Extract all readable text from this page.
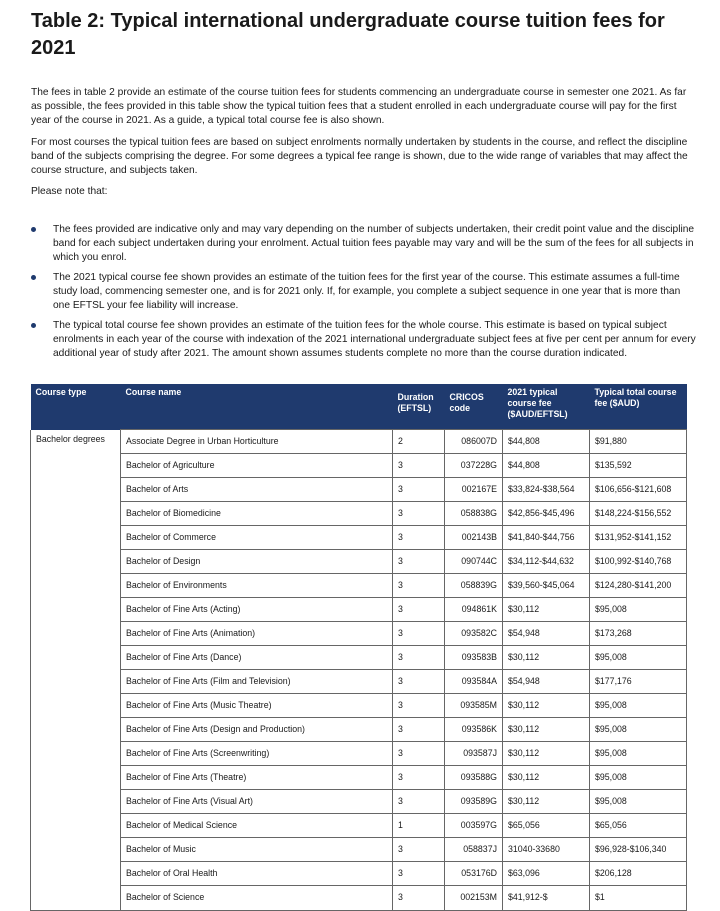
Table 2: Typical international undergraduate course tuition fees for 2021

The fees in table 2 provide an estimate of the course tuition fees for students commencing an undergraduate course in semester one 2021. As far as possible, the fees provided in this table show the typical tuition fees that a student enrolled in each undergraduate course will pay for the first year of the course in 2021. As a guide, a typical total course fee is also shown.

For most courses the typical tuition fees are based on subject enrolments normally undertaken by students in the course, and reflect the discipline band of the subjects comprising the degree. For some degrees a typical fee range is shown, due to the wide range of variables that may affect the course structure, and subjects taken.

Please note that:

The fees provided are indicative only and may vary depending on the number of subjects undertaken, their credit point value and the discipline band for each subject undertaken during your enrolment. Actual tuition fees payable may vary and will be the sum of the fees for all subjects in which you enrol.
The 2021 typical course fee shown provides an estimate of the tuition fees for the first year of the course. This estimate assumes a full-time study load, commencing semester one, and is for 2021 only. If, for example, you complete a subject sequence in one year that is more than one EFTSL your fee liability will increase.
The typical total course fee shown provides an estimate of the tuition fees for the whole course. This estimate is based on typical subject enrolments in each year of the course with indexation of the 2021 international undergraduate subject fees at five per cent per annum for every additional year of study after 2021. The amount shown assumes students complete no more than the course duration indicated.
Course type	Course name	Duration (EFTSL)	CRICOS code	2021 typical course fee ($AUD/EFTSL)	Typical total course fee ($AUD)
Bachelor degrees	Associate Degree in Urban Horticulture	2	086007D	$44,808	$91,880
	Bachelor of Agriculture	3	037228G	$44,808	$135,592
	Bachelor of Arts	3	002167E	$33,824-$38,564	$106,656-$121,608
	Bachelor of Biomedicine	3	058838G	$42,856-$45,496	$148,224-$156,552
	Bachelor of Commerce	3	002143B	$41,840-$44,756	$131,952-$141,152
	Bachelor of Design	3	090744C	$34,112-$44,632	$100,992-$140,768
	Bachelor of Environments	3	058839G	$39,560-$45,064	$124,280-$141,200
	Bachelor of Fine Arts (Acting)	3	094861K	$30,112	$95,008
	Bachelor of Fine Arts (Animation)	3	093582C	$54,948	$173,268
	Bachelor of Fine Arts (Dance)	3	093583B	$30,112	$95,008
	Bachelor of Fine Arts (Film and Television)	3	093584A	$54,948	$177,176
	Bachelor of Fine Arts (Music Theatre)	3	093585M	$30,112	$95,008
	Bachelor of Fine Arts (Design and Production)	3	093586K	$30,112	$95,008
	Bachelor of Fine Arts (Screenwriting)	3	093587J	$30,112	$95,008
	Bachelor of Fine Arts (Theatre)	3	093588G	$30,112	$95,008
	Bachelor of Fine Arts (Visual Art)	3	093589G	$30,112	$95,008
	Bachelor of Medical Science	1	003597G	$65,056	$65,056
	Bachelor of Music	3	058837J	31040-33680	$96,928-$106,340
	Bachelor of Oral Health	3	053176D	$63,096	$206,128
	Bachelor of Science	3	002153M	$41,912-$	$1
